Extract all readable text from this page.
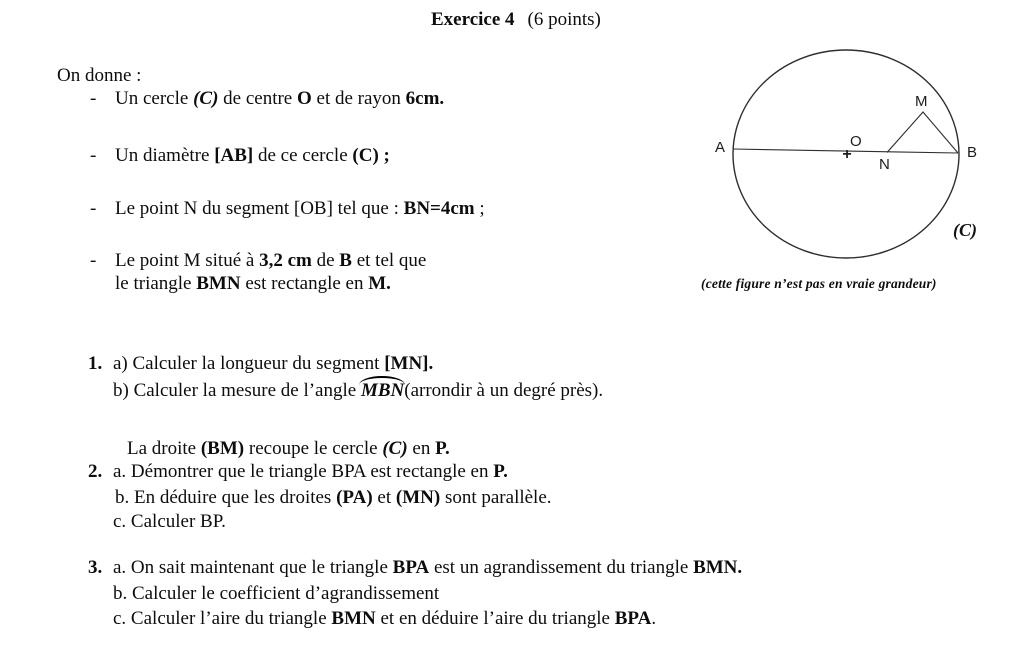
Exercice 4 (6 points)
On donne :
- Un cercle (C) de centre O et de rayon 6cm.
- Un diamètre [AB] de ce cercle (C) ;
- Le point N du segment [OB] tel que : BN=4cm ;
- Le point M situé à 3,2 cm de B et tel que
le triangle BMN est rectangle en M.
1. a) Calculer la longueur du segment [MN].
b) Calculer la mesure de l’angle MBN(arrondir à un degré près).
La droite (BM) recoupe le cercle (C) en P.
2. a. Démontrer que le triangle BPA est rectangle en P.
b. En déduire que les droites (PA) et (MN) sont parallèle.
c. Calculer BP.
3. a. On sait maintenant que le triangle BPA est un agrandissement du triangle BMN.
b. Calculer le coefficient d’agrandissement
c. Calculer l’aire du triangle BMN et en déduire l’aire du triangle BPA.
+
A	O
N
M
B
(C)
(cette figure n’est pas en vraie grandeur)
